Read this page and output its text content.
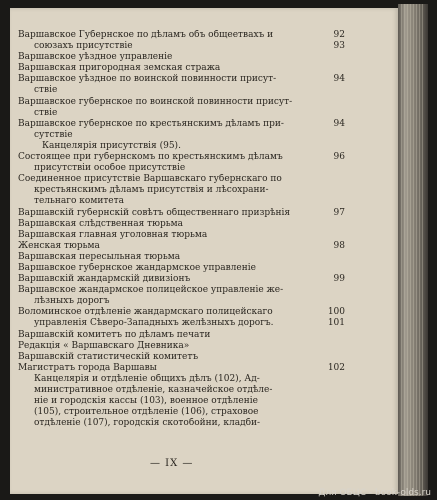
Варшавское Губернское по дѣламъ объ общеетвахъ и
союзахъ присутствіе
Варшавское уѣздное управленіе
Варшавская пригородная земская стража
Варшавское уѣздное по воинской повинности присут-
ствіе
Варшавское губернское по воинской повинности присут-
ствіе
Варшавское губернское по крестьянскимъ дѣламъ при-
сутствіе
Канцелярія присутствія (95).
Состоящее при губернскомъ по крестьянскимъ дѣламъ
присутствіи особое присутствіе
Соединенное присутствіе Варшавскаго губернскаго по
крестьянскимъ дѣламъ присутствія и лѣсохрани-
тельнаго комитета
Варшавскій губернскій совѣтъ общественнаго призрѣнія
Варшавская слѣдственная тюрьма
Варшавская главная уголовная тюрьма
Женская тюрьма
Варшавская пересыльная тюрьма
Варшавское губернское жандармское управленіе
Варшавскій жандармскій дивизіонъ
Варшавское жандармское полицейское управленіе же-
лѣзныхъ дорогъ
Воломинское отдѣленіе жандармскаго полицейскаго
управленія Сѣверо-Западныхъ желѣзныхъ дорогъ.
Варшавскій комитетъ по дѣламъ печати
Редакція « Варшавскаго Дневника»
Варшавскій статистическій комитетъ
Магистратъ города Варшавы
Канцелярія и отдѣленіе общихъ дѣлъ (102), Ад-
министративное отдѣленіе, казначейское отдѣле-
ніе и городскія кассы (103), военное отдѣленіе
(105), строительное отдѣленіе (106), страховое
отдѣленіе (107), городскія скотобойни, кладби-
92
93
94
94
96
97
98
99
100
101
102
— IX —
Для ОБЦС - book-olds.ru
